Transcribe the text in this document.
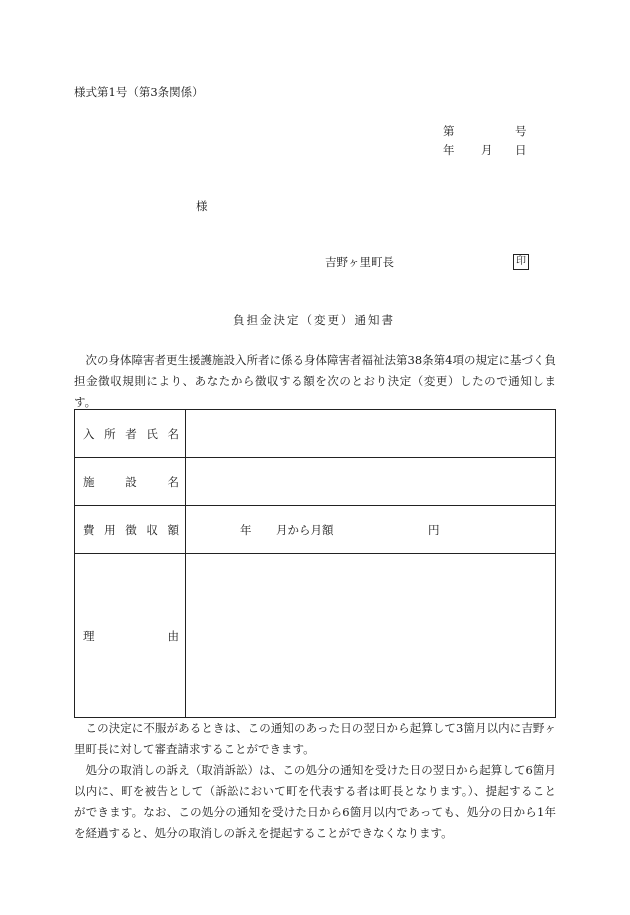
様式第1号（第3条関係）
第	号
年 月 日
様
吉野ヶ里町長	印
負担金決定（変更）通知書
次の身体障害者更生援護施設入所者に係る身体障害者福祉法第38条第4項の規定に基づく負担金徴収規則により、あなたから徴収する額を次のとおり決定（変更）したので通知します。
入 所 者 氏 名	

施 設 名	

費 用 徴 収 額	年 月から月額 円

理 由	

この決定に不服があるときは、この通知のあった日の翌日から起算して3箇月以内に吉野ヶ里町長に対して審査請求することができます。
処分の取消しの訴え（取消訴訟）は、この処分の通知を受けた日の翌日から起算して6箇月以内に、町を被告として（訴訟において町を代表する者は町長となります。）、提起することができます。なお、この処分の通知を受けた日から6箇月以内であっても、処分の日から1年を経過すると、処分の取消しの訴えを提起することができなくなります。
